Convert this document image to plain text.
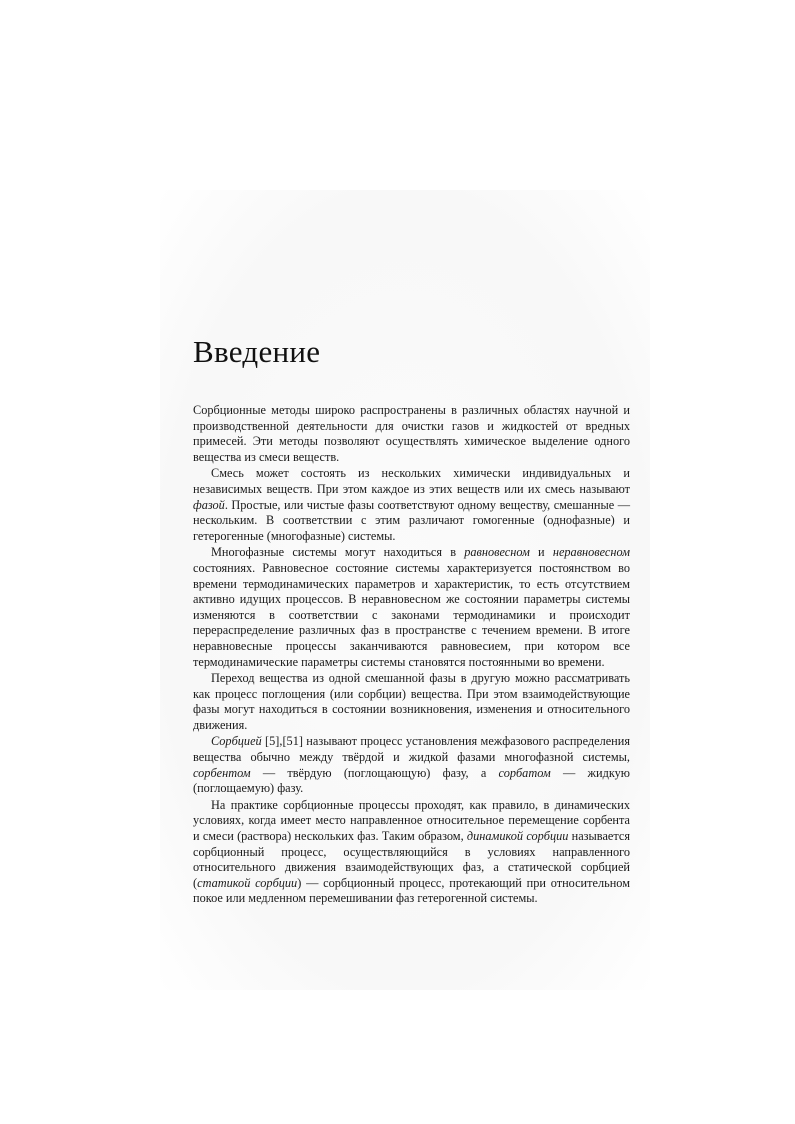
Введение

Сорбционные методы широко распространены в различных областях научной и производственной деятельности для очистки газов и жидкостей от вредных примесей. Эти методы позволяют осуществлять химическое выделение одного вещества из смеси веществ.

Смесь может состоять из нескольких химически индивидуальных и независимых веществ. При этом каждое из этих веществ или их смесь называют фазой. Простые, или чистые фазы соответствуют одному веществу, смешанные — нескольким. В соответствии с этим различают гомогенные (однофазные) и гетерогенные (многофазные) системы.

Многофазные системы могут находиться в равновесном и неравновесном состояниях. Равновесное состояние системы характеризуется постоянством во времени термодинамических параметров и характеристик, то есть отсутствием активно идущих процессов. В неравновесном же состоянии параметры системы изменяются в соответствии с законами термодинамики и происходит перераспределение различных фаз в пространстве с течением времени. В итоге неравновесные процессы заканчиваются равновесием, при котором все термодинамические параметры системы становятся постоянными во времени.

Переход вещества из одной смешанной фазы в другую можно рассматривать как процесс поглощения (или сорбции) вещества. При этом взаимодействующие фазы могут находиться в состоянии возникновения, изменения и относительного движения.

Сорбцией [5],[51] называют процесс установления межфазового распределения вещества обычно между твёрдой и жидкой фазами многофазной системы, сорбентом — твёрдую (поглощающую) фазу, а сорбатом — жидкую (поглощаемую) фазу.

На практике сорбционные процессы проходят, как правило, в динамических условиях, когда имеет место направленное относительное перемещение сорбента и смеси (раствора) нескольких фаз. Таким образом, динамикой сорбции называется сорбционный процесс, осуществляющийся в условиях направленного относительного движения взаимодействующих фаз, а статической сорбцией (статикой сорбции) — сорбционный процесс, протекающий при относительном покое или медленном перемешивании фаз гетерогенной системы.
